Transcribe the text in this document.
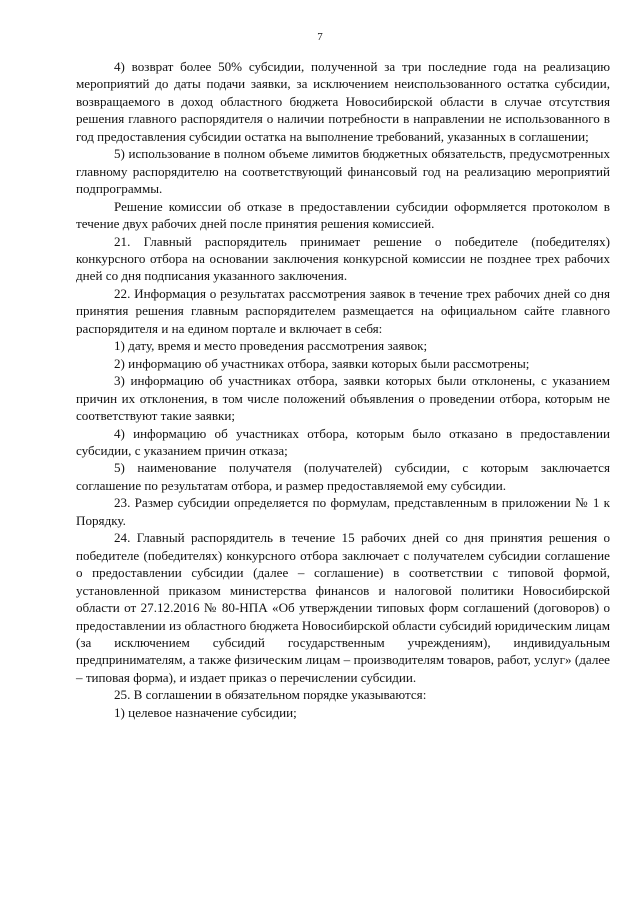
7

4) возврат более 50% субсидии, полученной за три последние года на реализацию мероприятий до даты подачи заявки, за исключением неиспользованного остатка субсидии, возвращаемого в доход областного бюджета Новосибирской области в случае отсутствия решения главного распорядителя о наличии потребности в направлении не использованного в год предоставления субсидии остатка на выполнение требований, указанных в соглашении;

5) использование в полном объеме лимитов бюджетных обязательств, предусмотренных главному распорядителю на соответствующий финансовый год на реализацию мероприятий подпрограммы.

Решение комиссии об отказе в предоставлении субсидии оформляется протоколом в течение двух рабочих дней после принятия решения комиссией.

21. Главный распорядитель принимает решение о победителе (победителях) конкурсного отбора на основании заключения конкурсной комиссии не позднее трех рабочих дней со дня подписания указанного заключения.

22. Информация о результатах рассмотрения заявок в течение трех рабочих дней со дня принятия решения главным распорядителем размещается на официальном сайте главного распорядителя и на едином портале и включает в себя:

1) дату, время и место проведения рассмотрения заявок;

2) информацию об участниках отбора, заявки которых были рассмотрены;

3) информацию об участниках отбора, заявки которых были отклонены, с указанием причин их отклонения, в том числе положений объявления о проведении отбора, которым не соответствуют такие заявки;

4) информацию об участниках отбора, которым было отказано в предоставлении субсидии, с указанием причин отказа;

5) наименование получателя (получателей) субсидии, с которым заключается соглашение по результатам отбора, и размер предоставляемой ему субсидии.

23. Размер субсидии определяется по формулам, представленным в приложении № 1 к Порядку.

24. Главный распорядитель в течение 15 рабочих дней со дня принятия решения о победителе (победителях) конкурсного отбора заключает с получателем субсидии соглашение о предоставлении субсидии (далее – соглашение) в соответствии с типовой формой, установленной приказом министерства финансов и налоговой политики Новосибирской области от 27.12.2016 № 80-НПА «Об утверждении типовых форм соглашений (договоров) о предоставлении из областного бюджета Новосибирской области субсидий юридическим лицам (за исключением субсидий государственным учреждениям), индивидуальным предпринимателям, а также физическим лицам – производителям товаров, работ, услуг» (далее – типовая форма), и издает приказ о перечислении субсидии.

25. В соглашении в обязательном порядке указываются:

1) целевое назначение субсидии;
